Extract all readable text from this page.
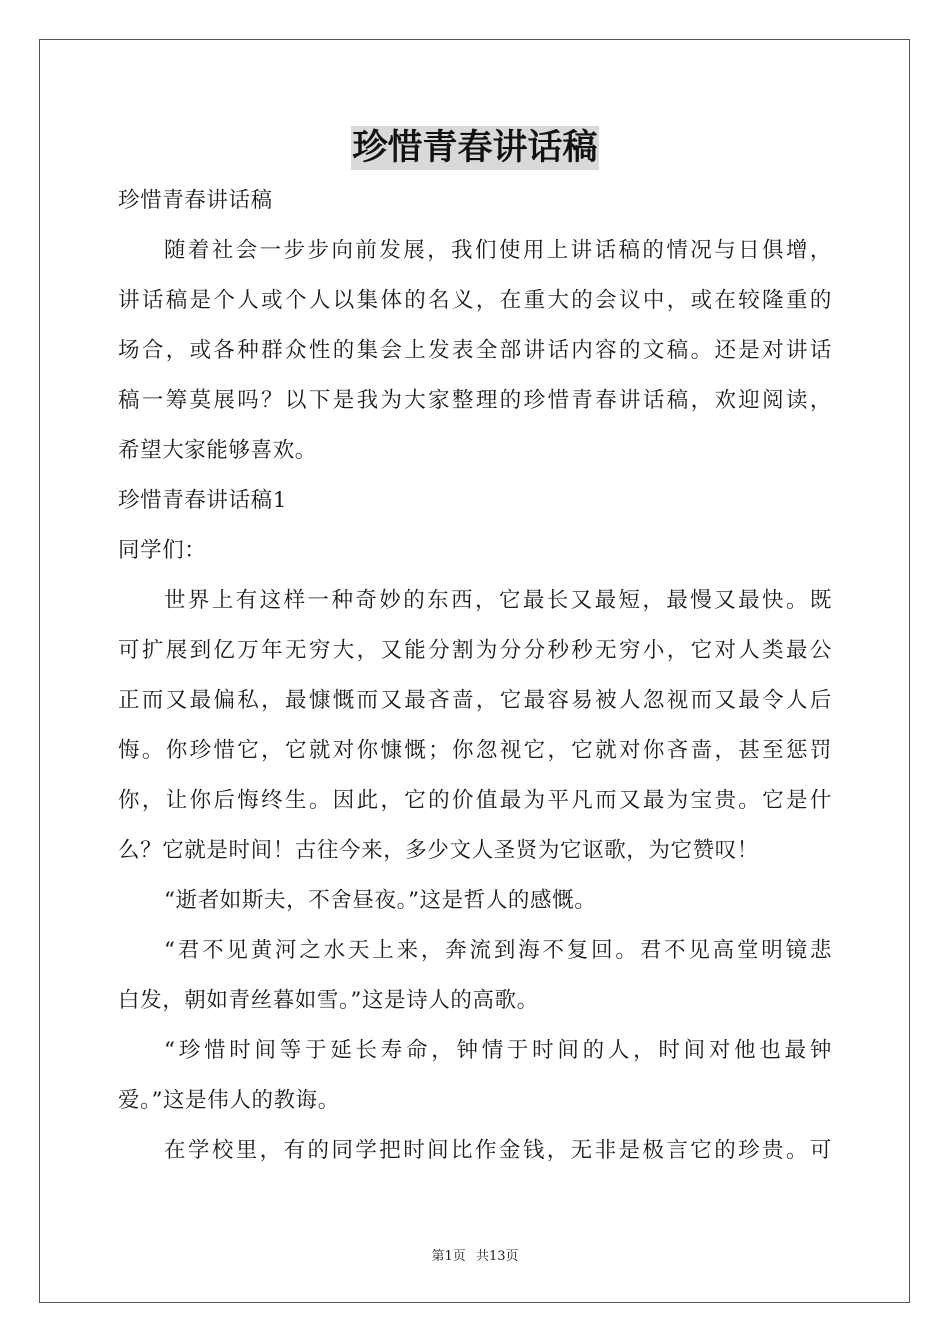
珍惜青春讲话稿
珍惜青春讲话稿
随着社会一步步向前发展，我们使用上讲话稿的情况与日俱增，
讲话稿是个人或个人以集体的名义，在重大的会议中，或在较隆重的
场合，或各种群众性的集会上发表全部讲话内容的文稿。还是对讲话
稿一筹莫展吗？以下是我为大家整理的珍惜青春讲话稿，欢迎阅读，
希望大家能够喜欢。
珍惜青春讲话稿1
同学们：
世界上有这样一种奇妙的东西，它最长又最短，最慢又最快。既
可扩展到亿万年无穷大，又能分割为分分秒秒无穷小，它对人类最公
正而又最偏私，最慷慨而又最吝啬，它最容易被人忽视而又最令人后
悔。你珍惜它，它就对你慷慨；你忽视它，它就对你吝啬，甚至惩罚
你，让你后悔终生。因此，它的价值最为平凡而又最为宝贵。它是什
么？它就是时间！古往今来，多少文人圣贤为它讴歌，为它赞叹！
“逝者如斯夫，不舍昼夜。”这是哲人的感慨。
“君不见黄河之水天上来，奔流到海不复回。君不见高堂明镜悲
白发，朝如青丝暮如雪。”这是诗人的高歌。
“珍惜时间等于延长寿命，钟情于时间的人，时间对他也最钟
爱。”这是伟人的教诲。
在学校里，有的同学把时间比作金钱，无非是极言它的珍贵。可
第1页 共13页
